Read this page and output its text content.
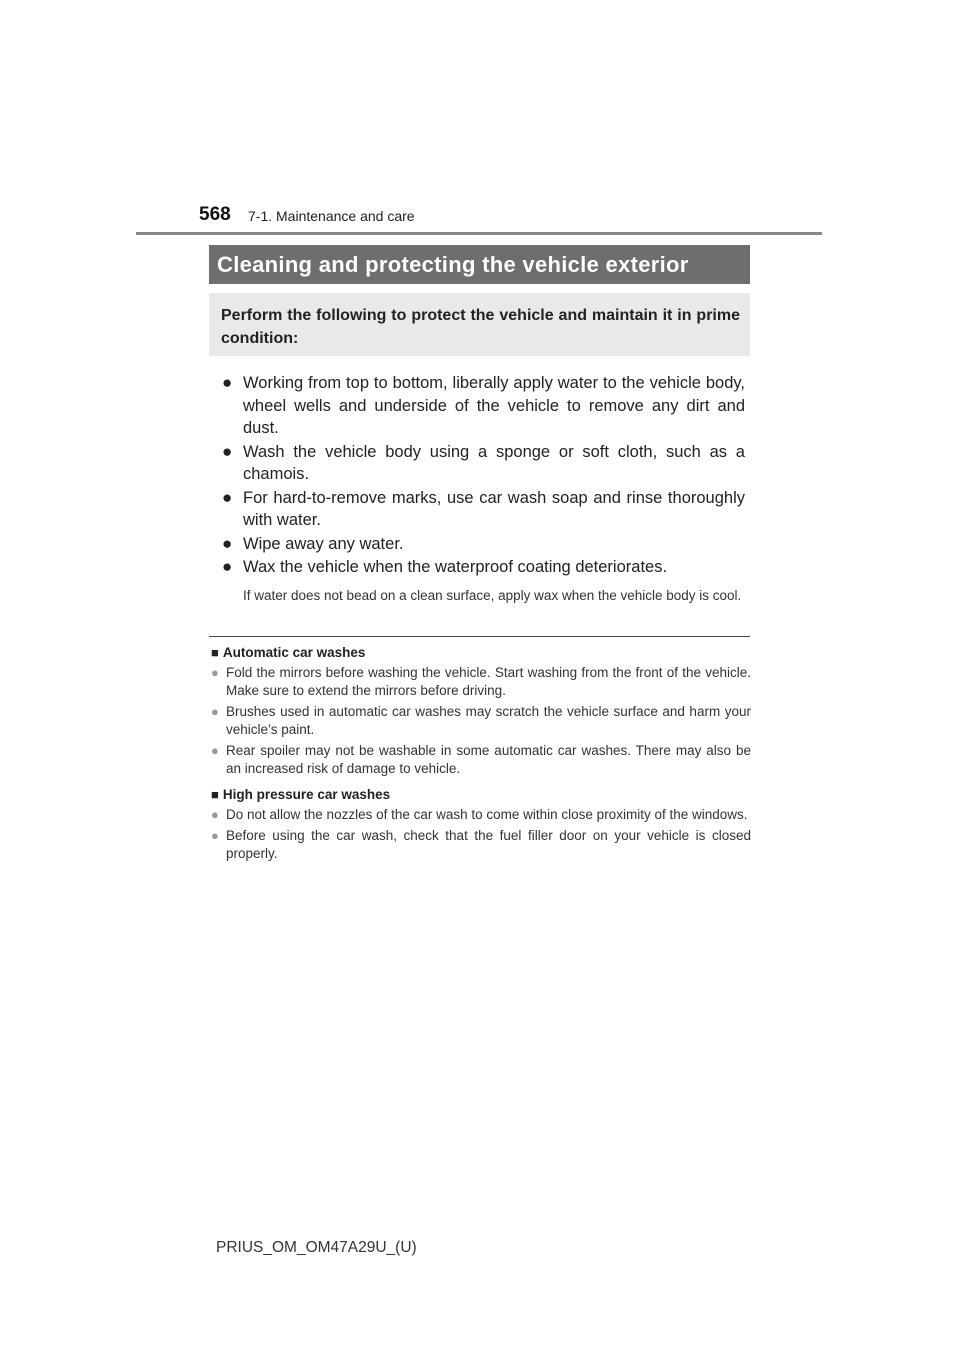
568 7-1. Maintenance and care
Cleaning and protecting the vehicle exterior
Perform the following to protect the vehicle and maintain it in prime condition:
● Working from top to bottom, liberally apply water to the vehicle body, wheel wells and underside of the vehicle to remove any dirt and dust.
● Wash the vehicle body using a sponge or soft cloth, such as a chamois.
● For hard-to-remove marks, use car wash soap and rinse thoroughly with water.
● Wipe away any water.
● Wax the vehicle when the waterproof coating deteriorates.
If water does not bead on a clean surface, apply wax when the vehicle body is cool.
■ Automatic car washes
● Fold the mirrors before washing the vehicle. Start washing from the front of the vehicle. Make sure to extend the mirrors before driving.
● Brushes used in automatic car washes may scratch the vehicle surface and harm your vehicle’s paint.
● Rear spoiler may not be washable in some automatic car washes. There may also be an increased risk of damage to vehicle.
■ High pressure car washes
● Do not allow the nozzles of the car wash to come within close proximity of the windows.
● Before using the car wash, check that the fuel filler door on your vehicle is closed properly.
PRIUS_OM_OM47A29U_(U)
